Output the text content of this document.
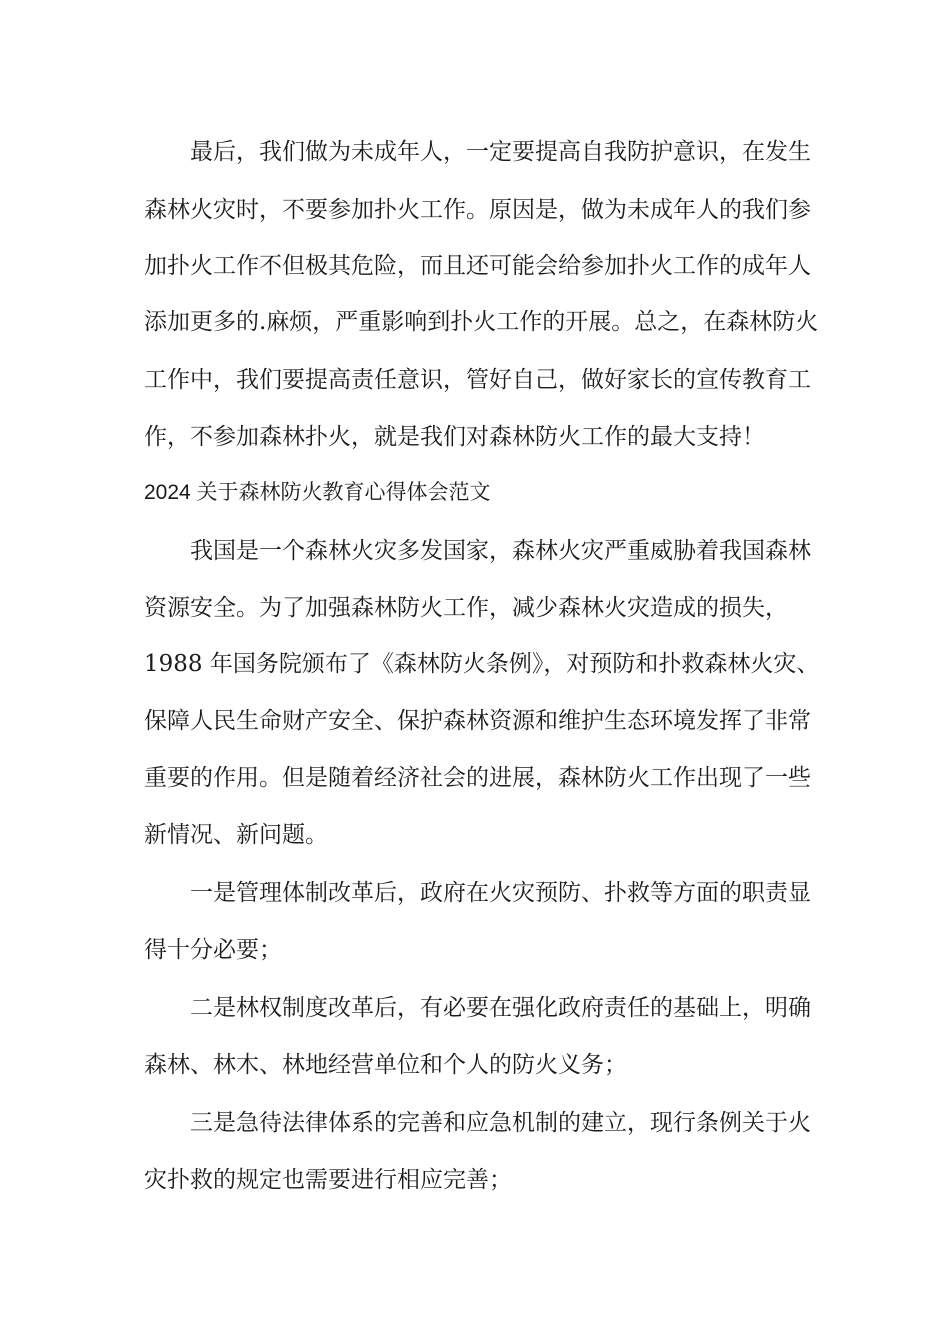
最后，我们做为未成年人，一定要提高自我防护意识，在发生
森林火灾时，不要参加扑火工作。原因是，做为未成年人的我们参
加扑火工作不但极其危险，而且还可能会给参加扑火工作的成年人
添加更多的.麻烦，严重影响到扑火工作的开展。总之，在森林防火
工作中，我们要提高责任意识，管好自己，做好家长的宣传教育工
作，不参加森林扑火，就是我们对森林防火工作的最大支持！
2024 关于森林防火教育心得体会范文
我国是一个森林火灾多发国家，森林火灾严重威胁着我国森林
资源安全。为了加强森林防火工作，减少森林火灾造成的损失，
1988 年国务院颁布了《森林防火条例》，对预防和扑救森林火灾、
保障人民生命财产安全、保护森林资源和维护生态环境发挥了非常
重要的作用。但是随着经济社会的进展，森林防火工作出现了一些
新情况、新问题。
一是管理体制改革后，政府在火灾预防、扑救等方面的职责显
得十分必要；
二是林权制度改革后，有必要在强化政府责任的基础上，明确
森林、林木、林地经营单位和个人的防火义务；
三是急待法律体系的完善和应急机制的建立，现行条例关于火
灾扑救的规定也需要进行相应完善；
